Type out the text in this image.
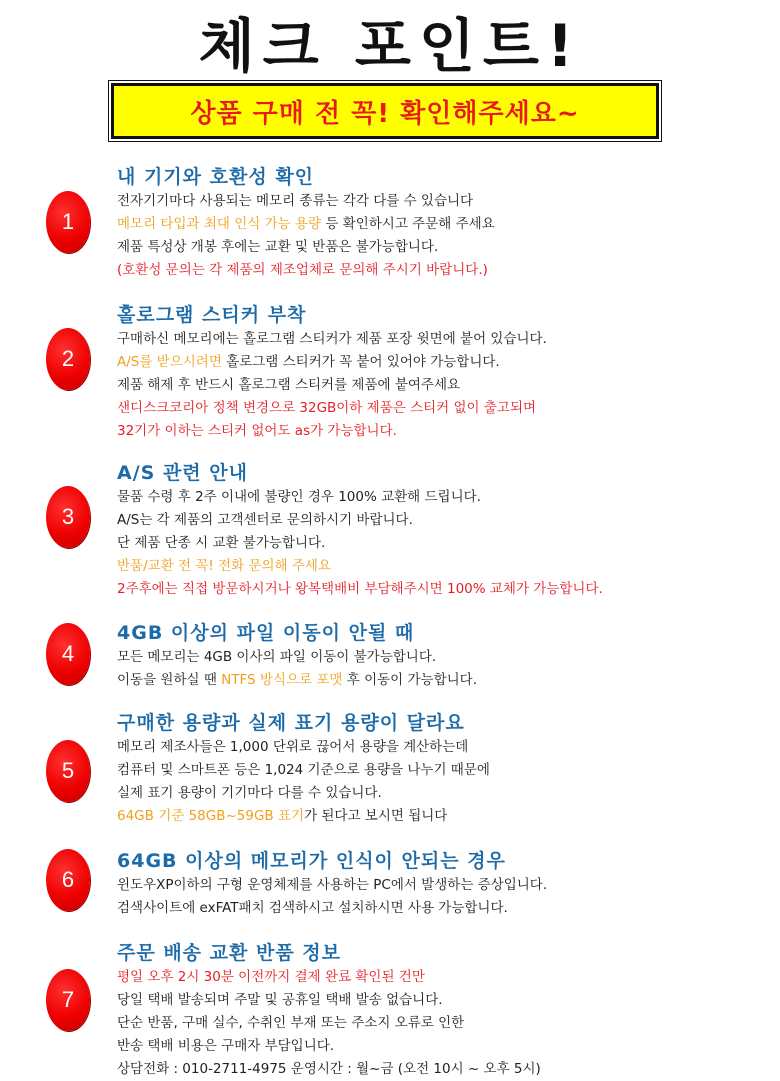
체크 포인트!
상품 구매 전 꼭! 확인해주세요~
1
내 기기와 호환성 확인
전자기기마다 사용되는 메모리 종류는 각각 다를 수 있습니다
메모리 타입과 최대 인식 가능 용량 등 확인하시고 주문해 주세요
제품 특성상 개봉 후에는 교환 및 반품은 불가능합니다.
(호환성 문의는 각 제품의 제조업체로 문의해 주시기 바랍니다.)
2
홀로그램 스티커 부착
구매하신 메모리에는 홀로그램 스티커가 제품 포장 윗면에 붙어 있습니다.
A/S를 받으시려면 홀로그램 스티커가 꼭 붙어 있어야 가능합니다.
제품 해제 후 반드시 홀로그램 스티커를 제품에 붙여주세요
샌디스크코리아 정책 변경으로 32GB이하 제품은 스티커 없이 출고되며
32기가 이하는 스티커 없어도 as가 가능합니다.
3
A/S 관련 안내
물품 수령 후 2주 이내에 불량인 경우 100% 교환해 드립니다.
A/S는 각 제품의 고객센터로 문의하시기 바랍니다.
단 제품 단종 시 교환 불가능합니다.
반품/교환 전 꼭! 전화 문의해 주세요
2주후에는 직접 방문하시거나 왕복택배비 부담해주시면 100% 교체가 가능합니다.
4
4GB 이상의 파일 이동이 안될 때
모든 메모리는 4GB 이사의 파일 이동이 불가능합니다.
이동을 원하실 땐 NTFS 방식으로 포맷 후 이동이 가능합니다.
5
구매한 용량과 실제 표기 용량이 달라요
메모리 제조사들은 1,000 단위로 끊어서 용량을 계산하는데
컴퓨터 및 스마트폰 등은 1,024 기준으로 용량을 나누기 때문에
실제 표기 용량이 기기마다 다를 수 있습니다.
64GB 기준 58GB~59GB 표기가 된다고 보시면 됩니다
6
64GB 이상의 메모리가 인식이 안되는 경우
윈도우XP이하의 구형 운영체제를 사용하는 PC에서 발생하는 증상입니다.
검색사이트에 exFAT패치 검색하시고 설치하시면 사용 가능합니다.
7
주문 배송 교환 반품 정보
평일 오후 2시 30분 이전까지 결제 완료 확인된 건만
당일 택배 발송되며 주말 및 공휴일 택배 발송 없습니다.
단순 반품, 구매 실수, 수취인 부재 또는 주소지 오류로 인한
반송 택배 비용은 구매자 부담입니다.
상담전화 : 010-2711-4975 운영시간 : 월~금 (오전 10시 ~ 오후 5시)
